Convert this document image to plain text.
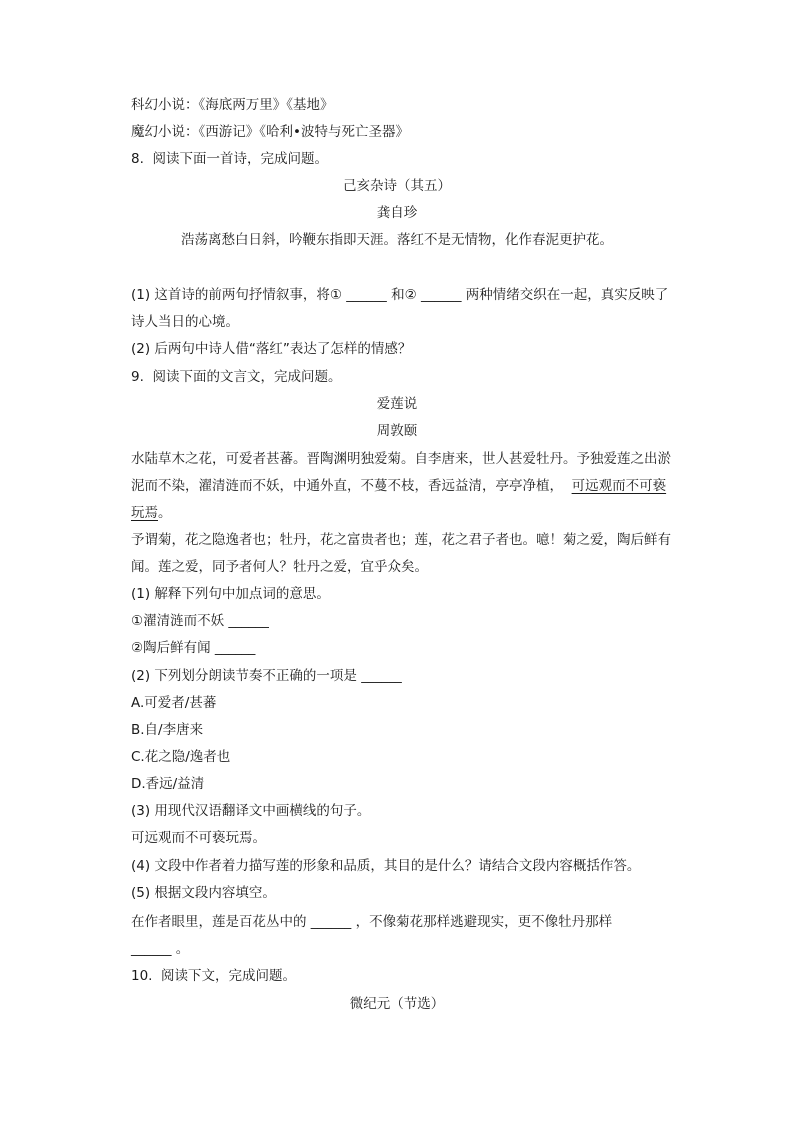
科幻小说：《海底两万里》《基地》
魔幻小说：《西游记》《哈利•波特与死亡圣器》
8.  阅读下面一首诗，完成问题。
己亥杂诗（其五）
龚自珍
浩荡离愁白日斜，吟鞭东指即天涯。落红不是无情物，化作春泥更护花。
(1) 这首诗的前两句抒情叙事，将① ______ 和② ______ 两种情绪交织在一起，真实反映了
诗人当日的心境。
(2) 后两句中诗人借“落红”表达了怎样的情感？
9.  阅读下面的文言文，完成问题。
爱莲说
周敦颐
水陆草木之花，可爱者甚蕃。晋陶渊明独爱菊。自李唐来，世人甚爱牡丹。予独爱莲之出淤
泥而不染，濯清涟而不妖，中通外直，不蔓不枝，香远益清，亭亭净植，  可远观而不可亵
玩焉。
予谓菊，花之隐逸者也；牡丹，花之富贵者也；莲，花之君子者也。噫！菊之爱，陶后鲜有
闻。莲之爱，同予者何人？牡丹之爱，宜乎众矣。
(1) 解释下列句中加点词的意思。
①濯清涟而不妖 ______
②陶后鲜有闻 ______
(2) 下列划分朗读节奏不正确的一项是 ______
A.可爱者/甚蕃
B.自/李唐来
C.花之隐/逸者也
D.香远/益清
(3) 用现代汉语翻译文中画横线的句子。
可远观而不可亵玩焉。
(4) 文段中作者着力描写莲的形象和品质，其目的是什么？请结合文段内容概括作答。
(5) 根据文段内容填空。
在作者眼里，莲是百花丛中的 ______ ，不像菊花那样逃避现实，更不像牡丹那样
______ 。
10.  阅读下文，完成问题。
微纪元（节选）
